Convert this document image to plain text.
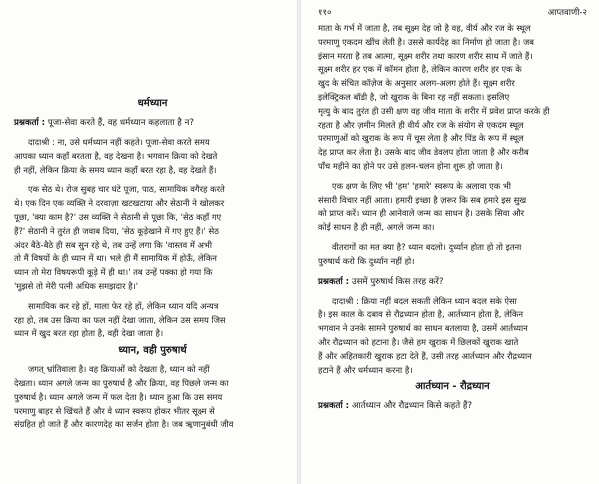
धर्मध्यान

प्रश्नकर्ता : पूजा-सेवा करते हैं, वह धर्मध्यान कहलाता है न?

दादाश्री : ना, उसे धर्मध्यान नहीं कहते। पूजा-सेवा करते समय

आपका ध्यान कहाँ बरतता है, वह देखना है। भगवान क्रिया को देखते

ही नहीं, लेकिन क्रिया के समय ध्यान कहाँ बरत रहा है, वह देखते हैं।

एक सेठ थे। रोज सुबह चार घंटे पूजा, पाठ, सामायिक वगैरह करते

थे। एक दिन एक व्यक्ति ने दरवाज़ा खटखटाया और सेठानी ने खोलकर

पूछा, 'क्या काम है?' उस व्यक्ति ने सेठानी से पूछा कि, 'सेठ कहाँ गए

हैं?' सेठानी ने तुरंत ही जवाब दिया, 'सेठ कूड़ेखाने में गए हुए हैं।' सेठ

अंदर बैठे-बैठे ही सब सुन रहे थे, तब उन्हें लगा कि 'वास्तव में अभी

तो मैं विषयों के ही ध्यान में था। भले ही मैं सामायिक में होऊँ, लेकिन

ध्यान तो मेरा विषयरूपी कूड़े में ही था।' तब उन्हें पक्का हो गया कि

'मुझसे तो मेरी पत्नी अधिक समझदार है।'

सामायिक कर रहे हों, माला फेर रहे हों, लेकिन ध्यान यदि अन्यत्र

रहा हो, तब उस क्रिया का फल नहीं देखा जाता, लेकिन उस समय जिस

ध्यान में खुद बरत रहा होता है, वही देखा जाता है।

ध्यान, वही पुरुषार्थ

जगत् भ्रांतिवाला है। वह क्रियाओं को देखता है, ध्यान को नहीं

देखता। ध्यान अगले जन्म का पुरुषार्थ है और क्रिया, वह पिछले जन्म का

पुरुषार्थ है। ध्यान अगले जन्म में फल देता है। ध्यान हुआ कि उस समय

परमाणु बाहर से खिंचते हैं और वे ध्यान स्वरूप होकर भीतर सूक्ष्म से

संग्रहित हो जाते हैं और कारणदेह का सर्जन होता है। जब ॠणानुबंधी जीव

११०	आप्तवाणी-२

माता के गर्भ में जाता है, तब सूक्ष्म देह जो है वह, वीर्य और रज के स्थूल

परमाणु एकदम खींच लेती है। उससे कार्यदेह का निर्माण हो जाता है। जब

इंसान मरता है तब आत्मा, सूक्ष्म शरीर तथा कारण शरीर साथ में जाते हैं।

सूक्ष्म शरीर हर एक में कॉमन होता है, लेकिन कारण शरीर हर एक के

खुद के संचित कॉज़ेज के अनुसार अलग-अलग होते हैं। सूक्ष्म शरीर

इलेक्ट्रिकल बॉडी है, जो खुराक के बिना रह नहीं सकता। इसलिए

मृत्यु के बाद तुरंत ही उसी क्षण वह जीव माता के शरीर में प्रवेश प्राप्त करके ही

रहता है और ज़मीन मिलते ही वीर्य और रज के संयोग से एकदम स्थूल

परमाणुओं को खुराक के रूप में चूस लेता है और पिंड के रूप में स्थूल

देह प्राप्त कर लेता है। उसके बाद जीव डेवलप होता जाता है और करीब

पाँच महीने का होने पर उसे हलन-चलन होना शुरू हो जाता है।

एक क्षण के लिए भी 'हम' 'हमारे' स्वरूप के अलावा एक भी

संसारी विचार नहीं आता। हमारी इच्छा है ज़रूर कि सब हमारे इस सुख

को प्राप्त करें। ध्यान ही आनेवाले जन्म का साधन है। उसके सिवा और

कोई साधन है ही नहीं, अगले जन्म का।

वीतरागों का मत क्या है? ध्यान बदलो। दुर्ध्यान होता हो तो इतना

पुरुषार्थ करो कि दुर्ध्यान नहीं हो।

प्रश्नकर्ता : उसमें पुरुषार्थ किस तरह करें?

दादाश्री : क्रिया नहीं बदल सकती लेकिन ध्यान बदल सके ऐसा

है। इस काल के दबाव से रौद्रध्यान होता है, आर्तध्यान होता है, लेकिन

भगवान ने उनके सामने पुरुषार्थ का साधन बतलाया है, उसमें आर्तध्यान

और रौद्रध्यान को हटाना है। जैसे हम खुराक में छिलकों खुराक खाते

हैं और अहितकारी खुराक हटा देते हैं, उसी तरह आर्तध्यान और रौद्रध्यान

हटाने हैं और धर्मध्यान करना है।

आर्तध्यान - रौद्रध्यान

प्रश्नकर्ता : आर्तध्यान और रौद्रध्यान किसे कहते हैं?
